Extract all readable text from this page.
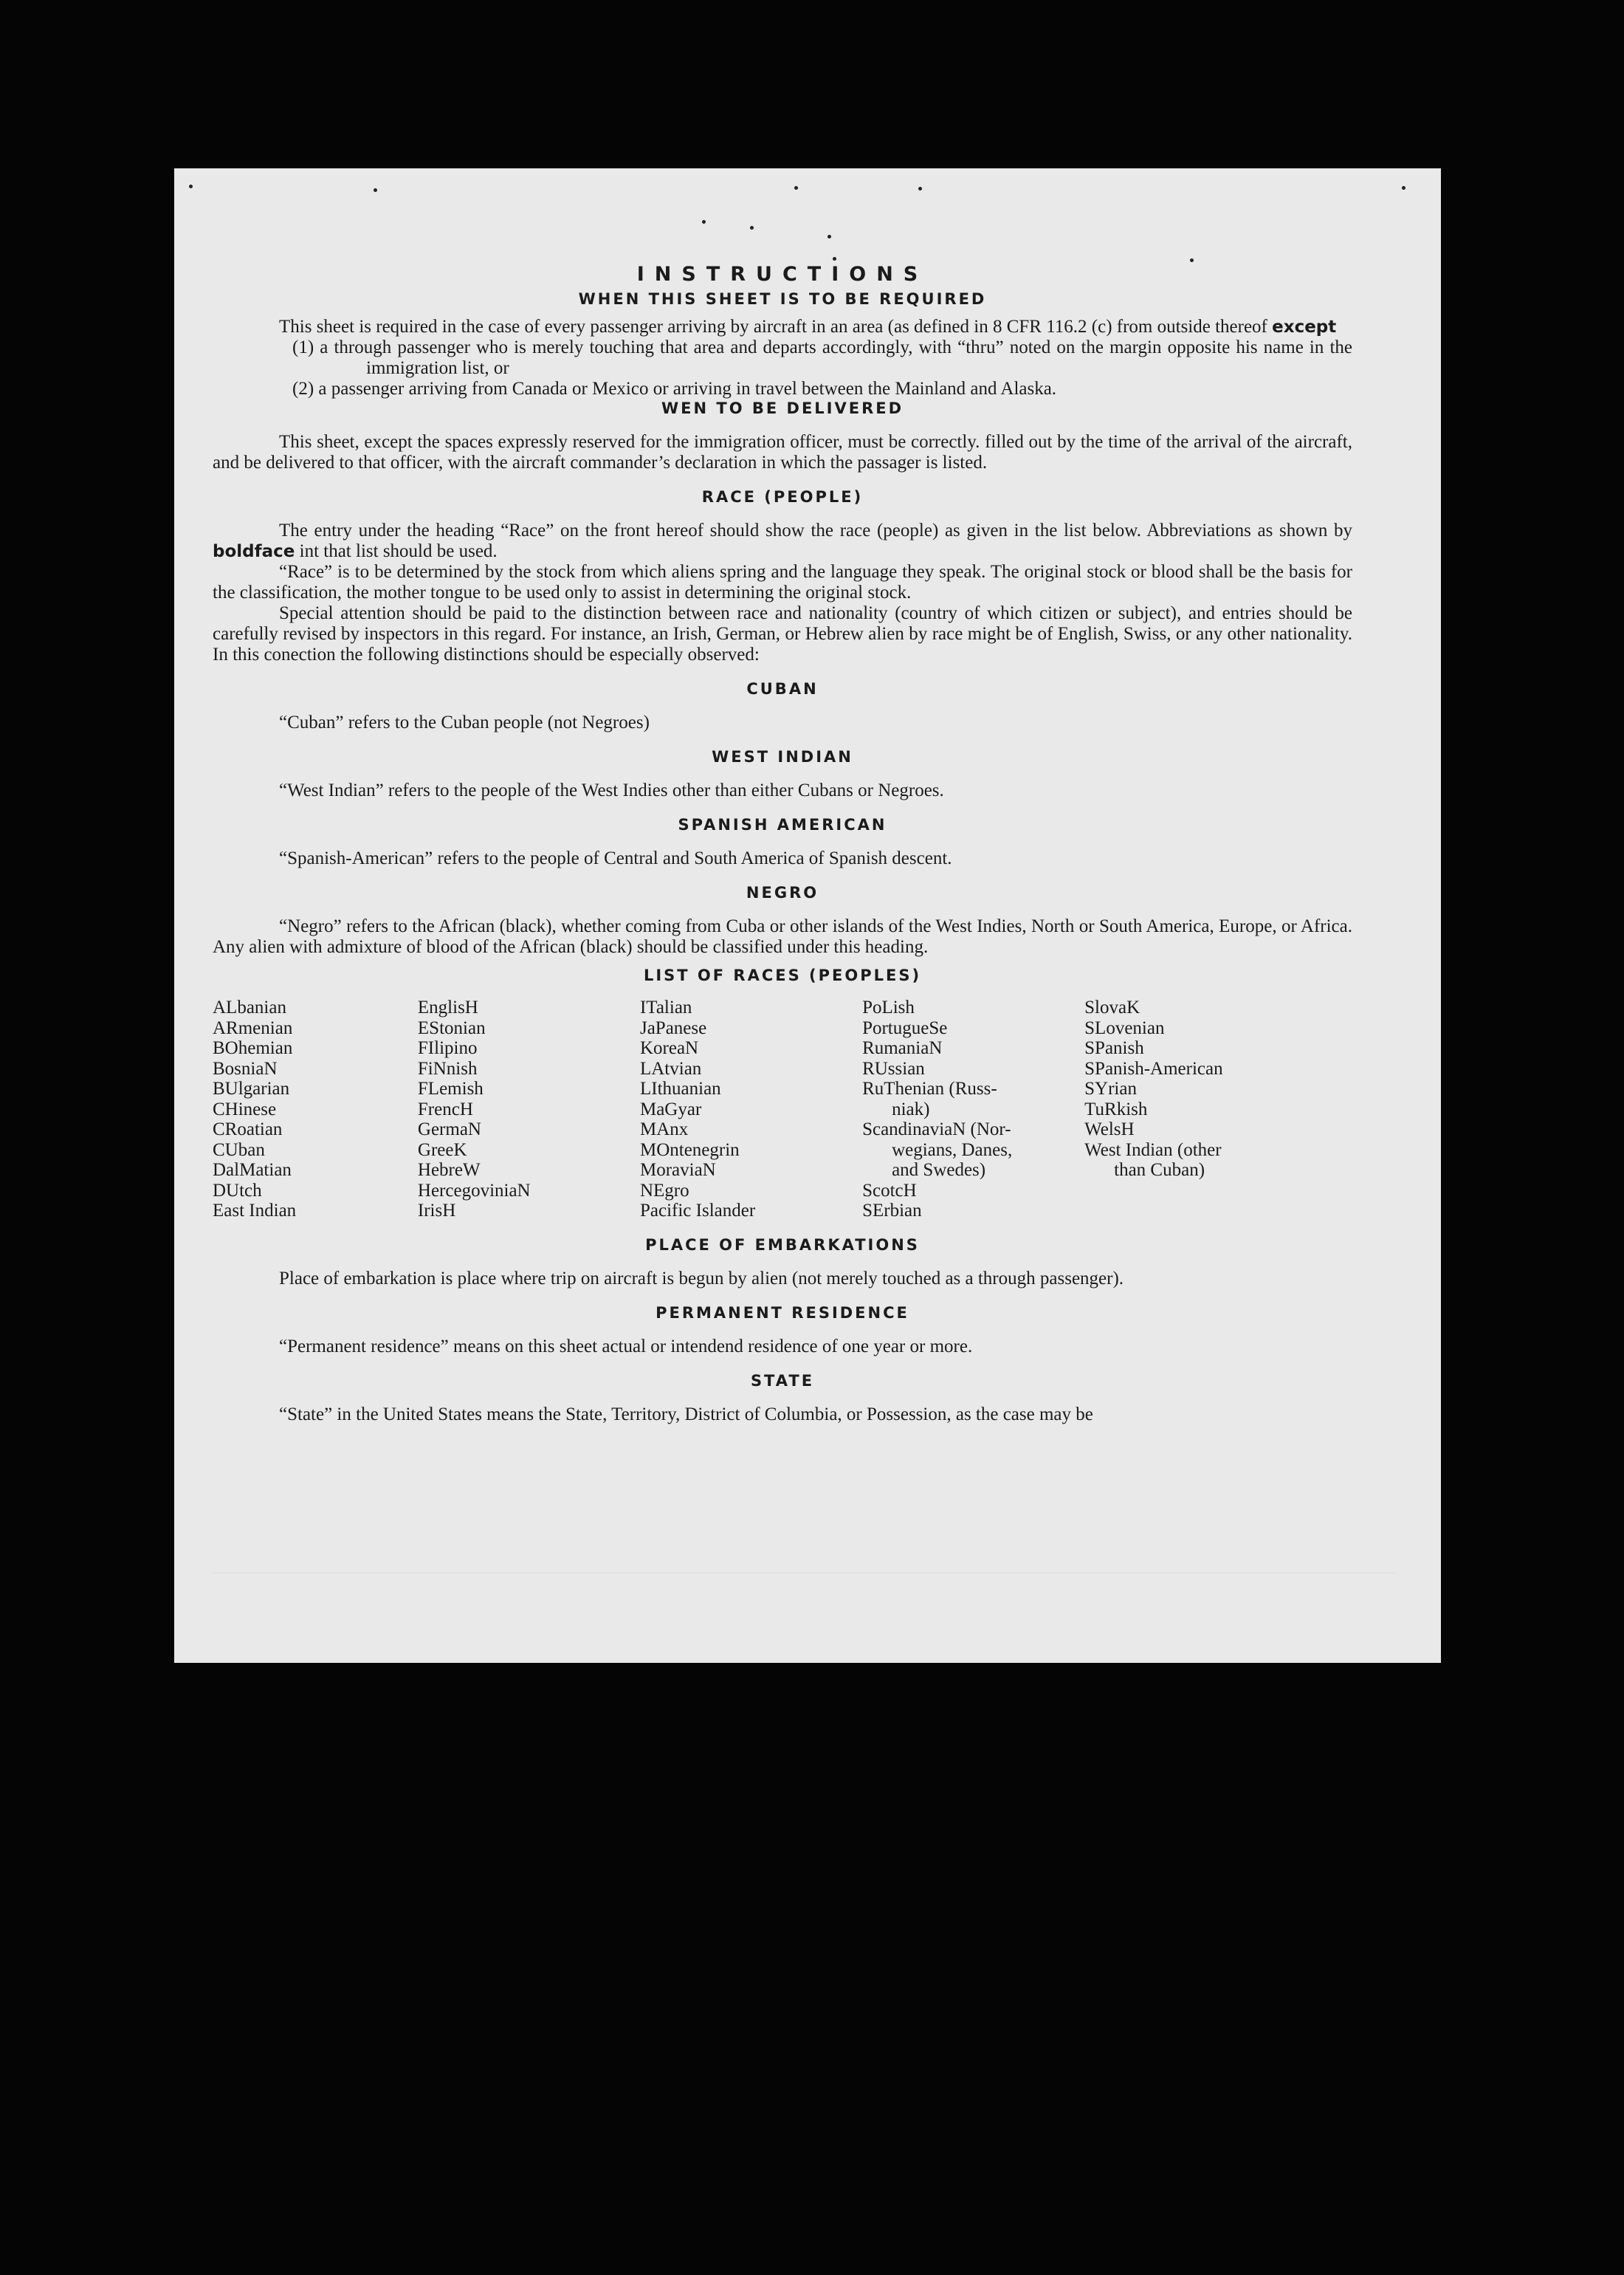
INSTRUCTIONS
WHEN THIS SHEET IS TO BE REQUIRED

This sheet is required in the case of every passenger arriving by aircraft in an area (as defined in 8 CFR 116.2 (c) from outside thereof except

(1) a through passenger who is merely touching that area and departs accordingly, with “thru” noted on the margin opposite his name in the immigration list, or

(2) a passenger arriving from Canada or Mexico or arriving in travel between the Mainland and Alaska.

WEN TO BE DELIVERED

This sheet, except the spaces expressly reserved for the immigration officer, must be correctly. filled out by the time of the arrival of the aircraft, and be delivered to that officer, with the aircraft commander’s declaration in which the passager is listed.

RACE (PEOPLE)

The entry under the heading “Race” on the front hereof should show the race (people) as given in the list below. Abbreviations as shown by boldface int that list should be used.

“Race” is to be determined by the stock from which aliens spring and the language they speak. The original stock or blood shall be the basis for the classification, the mother tongue to be used only to assist in determining the original stock.

Special attention should be paid to the distinction between race and nationality (country of which citizen or subject), and entries should be carefully revised by inspectors in this regard. For instance, an Irish, German, or Hebrew alien by race might be of English, Swiss, or any other nationality. In this conection the following distinctions should be especially observed:

CUBAN

“Cuban” refers to the Cuban people (not Negroes)

WEST INDIAN

“West Indian” refers to the people of the West Indies other than either Cubans or Negroes.

SPANISH AMERICAN

“Spanish-American” refers to the people of Central and South America of Spanish descent.

NEGRO

“Negro” refers to the African (black), whether coming from Cuba or other islands of the West Indies, North or South America, Europe, or Africa. Any alien with admixture of blood of the African (black) should be classified under this heading.

LIST OF RACES (PEOPLES)
ALbanian
ARmenian
BOhemian
BosniaN
BUlgarian
CHinese
CRoatian
CUban
DalMatian
DUtch
East Indian
EnglisH
EStonian
FIlipino
FiNnish
FLemish
FrencH
GermaN
GreeK
HebreW
HercegoviniaN
IrisH
ITalian
JaPanese
KoreaN
LAtvian
LIthuanian
MaGyar
MAnx
MOntenegrin
MoraviaN
NEgro
Pacific Islander
PoLish
PortugueSe
RumaniaN
RUssian
RuThenian (Russ-
niak)
ScandinaviaN (Nor-
wegians, Danes,
and Swedes)
ScotcH
SErbian
SlovaK
SLovenian
SPanish
SPanish-American
SYrian
TuRkish
WelsH
West Indian (other
than Cuban)
PLACE OF EMBARKATIONS

Place of embarkation is place where trip on aircraft is begun by alien (not merely touched as a through passenger).

PERMANENT RESIDENCE

“Permanent residence” means on this sheet actual or intendend residence of one year or more.

STATE

“State” in the United States means the State, Territory, District of Columbia, or Possession, as the case may be
